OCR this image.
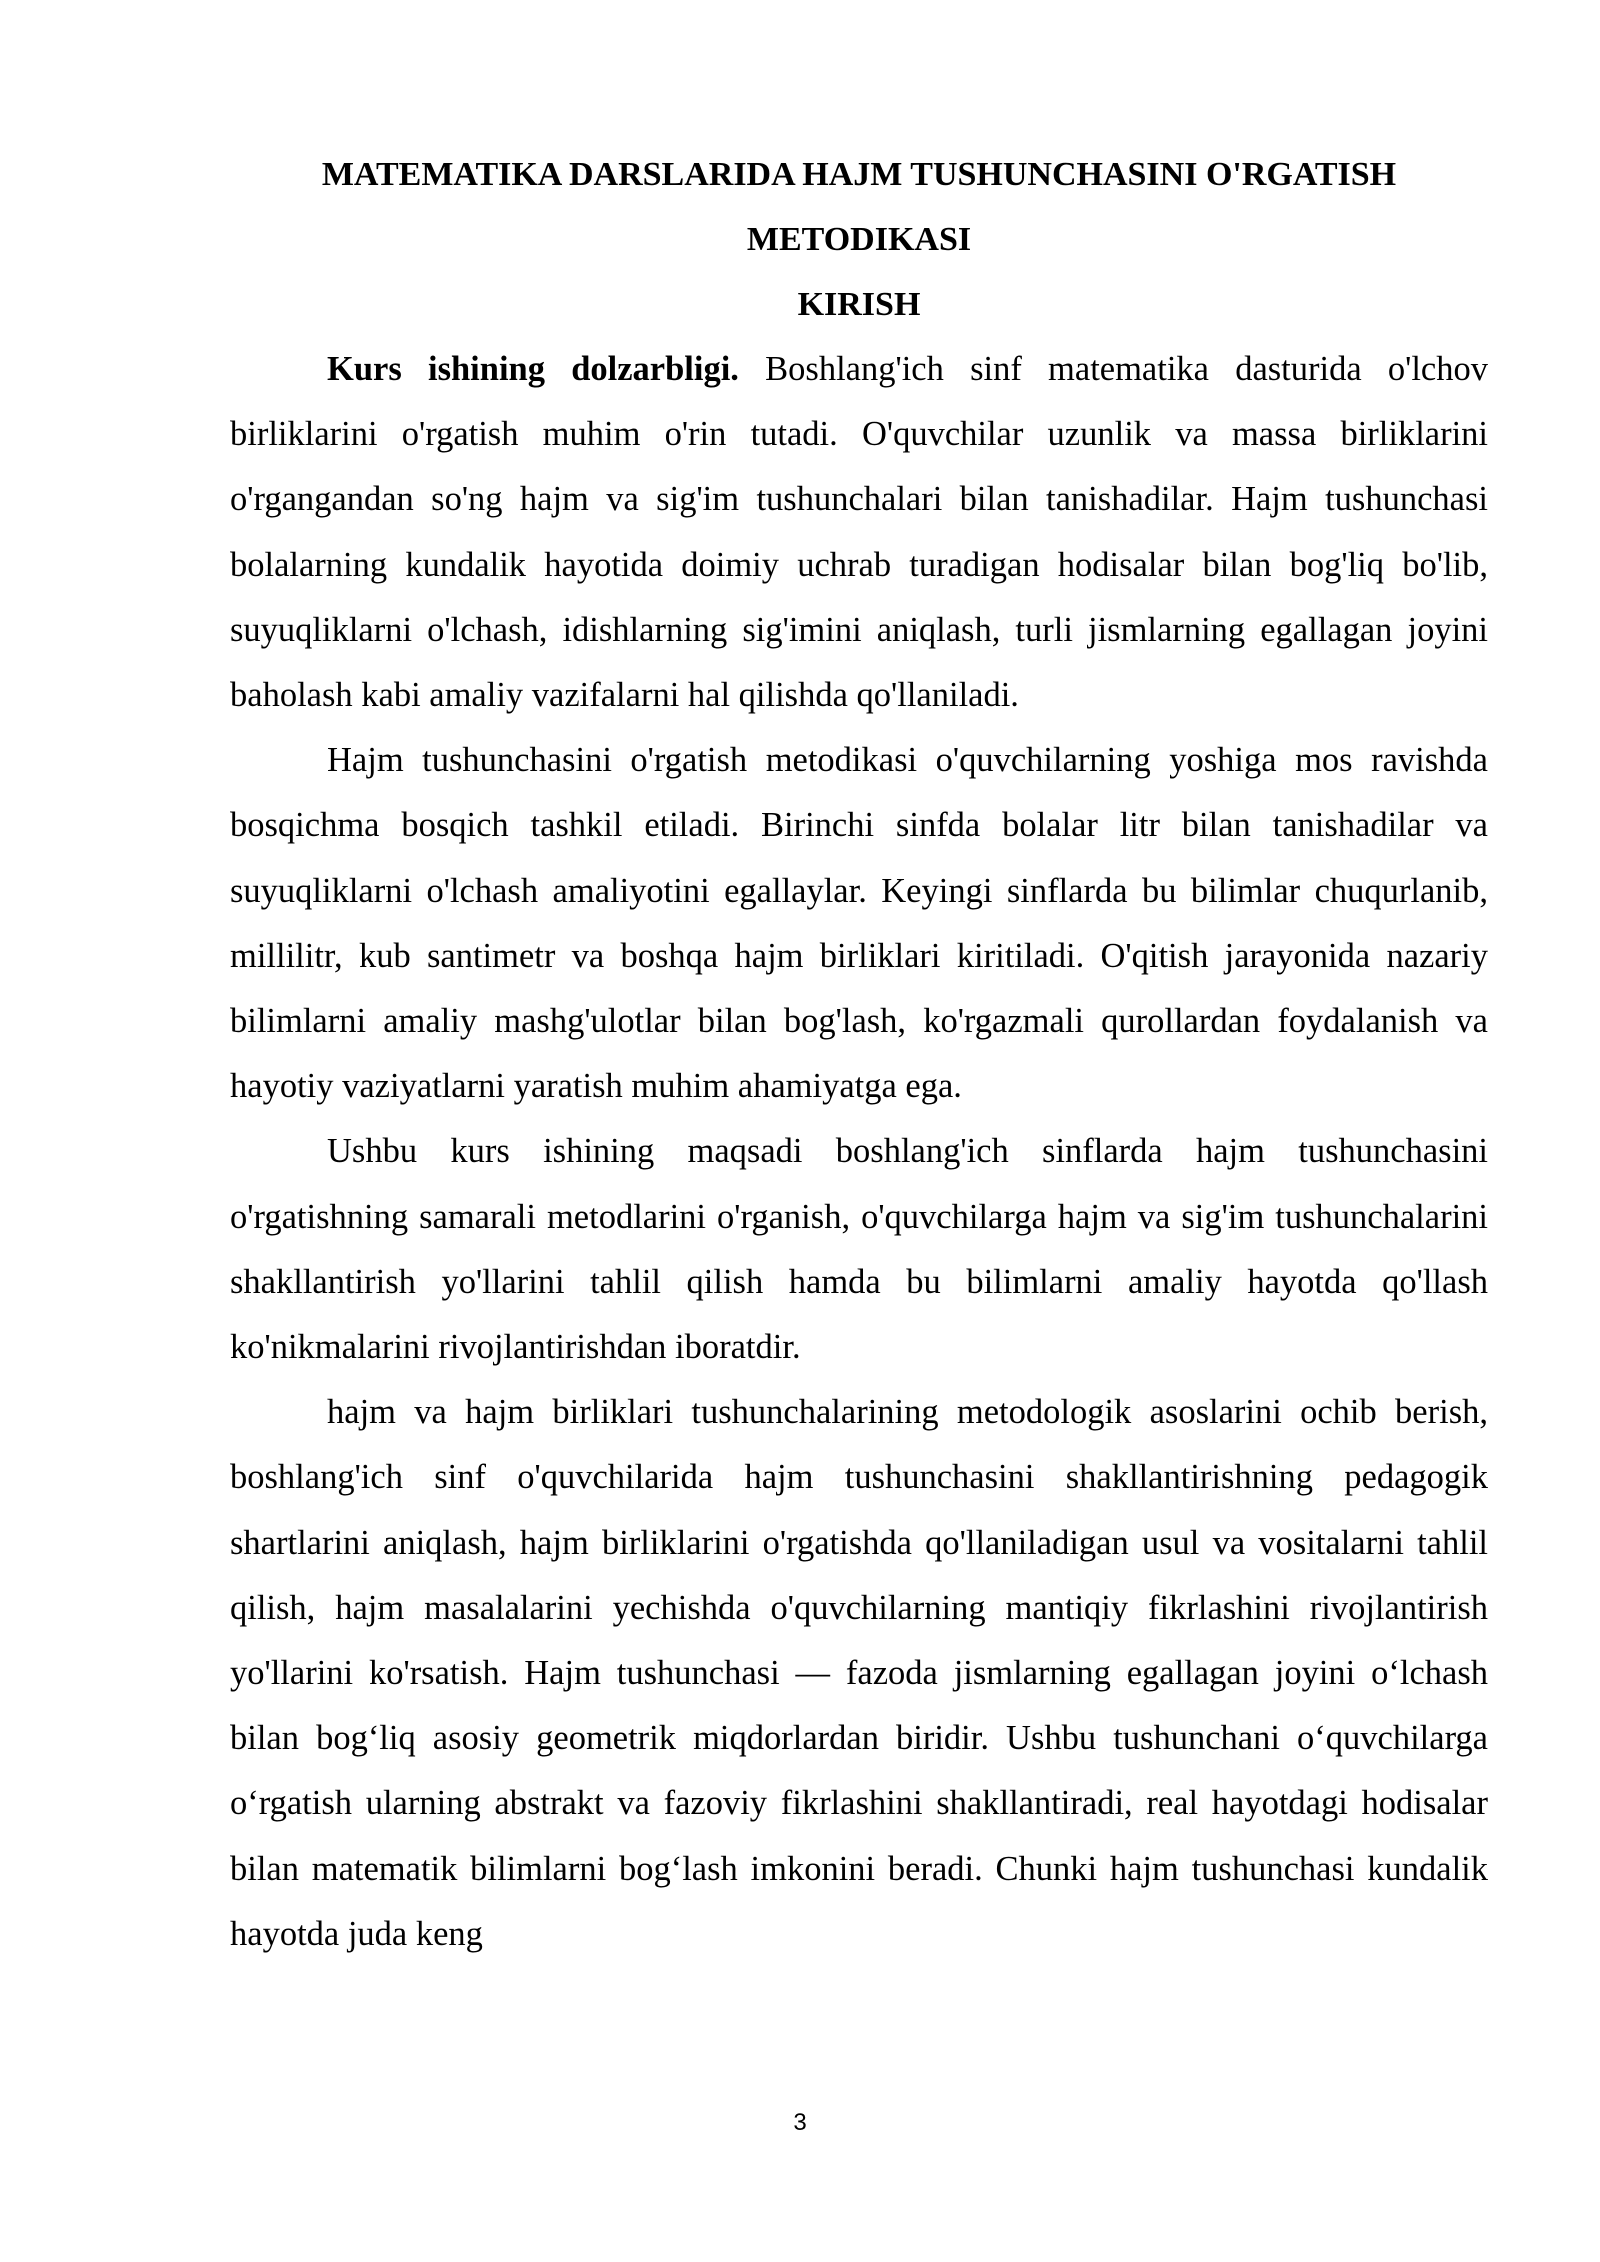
MATEMATIKA DARSLARIDA HAJM TUSHUNCHASINI O'RGATISH METODIKASI
KIRISH

Kurs ishining dolzarbligi. Boshlang'ich sinf matematika dasturida o'lchov birliklarini o'rgatish muhim o'rin tutadi. O'quvchilar uzunlik va massa birliklarini o'rgangandan so'ng hajm va sig'im tushunchalari bilan tanishadilar. Hajm tushunchasi bolalarning kundalik hayotida doimiy uchrab turadigan hodisalar bilan bog'liq bo'lib, suyuqliklarni o'lchash, idishlarning sig'imini aniqlash, turli jismlarning egallagan joyini baholash kabi amaliy vazifalarni hal qilishda qo'llaniladi.

Hajm tushunchasini o'rgatish metodikasi o'quvchilarning yoshiga mos ravishda bosqichma bosqich tashkil etiladi. Birinchi sinfda bolalar litr bilan tanishadilar va suyuqliklarni o'lchash amaliyotini egallaylar. Keyingi sinflarda bu bilimlar chuqurlanib, millilitr, kub santimetr va boshqa hajm birliklari kiritiladi. O'qitish jarayonida nazariy bilimlarni amaliy mashg'ulotlar bilan bog'lash, ko'rgazmali qurollardan foydalanish va hayotiy vaziyatlarni yaratish muhim ahamiyatga ega.

Ushbu kurs ishining maqsadi boshlang'ich sinflarda hajm tushunchasini o'rgatishning samarali metodlarini o'rganish, o'quvchilarga hajm va sig'im tushunchalarini shakllantirish yo'llarini tahlil qilish hamda bu bilimlarni amaliy hayotda qo'llash ko'nikmalarini rivojlantirishdan iboratdir.

hajm va hajm birliklari tushunchalarining metodologik asoslarini ochib berish, boshlang'ich sinf o'quvchilarida hajm tushunchasini shakllantirishning pedagogik shartlarini aniqlash, hajm birliklarini o'rgatishda qo'llaniladigan usul va vositalarni tahlil qilish, hajm masalalarini yechishda o'quvchilarning mantiqiy fikrlashini rivojlantirish yo'llarini ko'rsatish. Hajm tushunchasi — fazoda jismlarning egallagan joyini o‘lchash bilan bog‘liq asosiy geometrik miqdorlardan biridir. Ushbu tushunchani o‘quvchilarga o‘rgatish ularning abstrakt va fazoviy fikrlashini shakllantiradi, real hayotdagi hodisalar bilan matematik bilimlarni bog‘lash imkonini beradi. Chunki hajm tushunchasi kundalik hayotda juda keng

3
